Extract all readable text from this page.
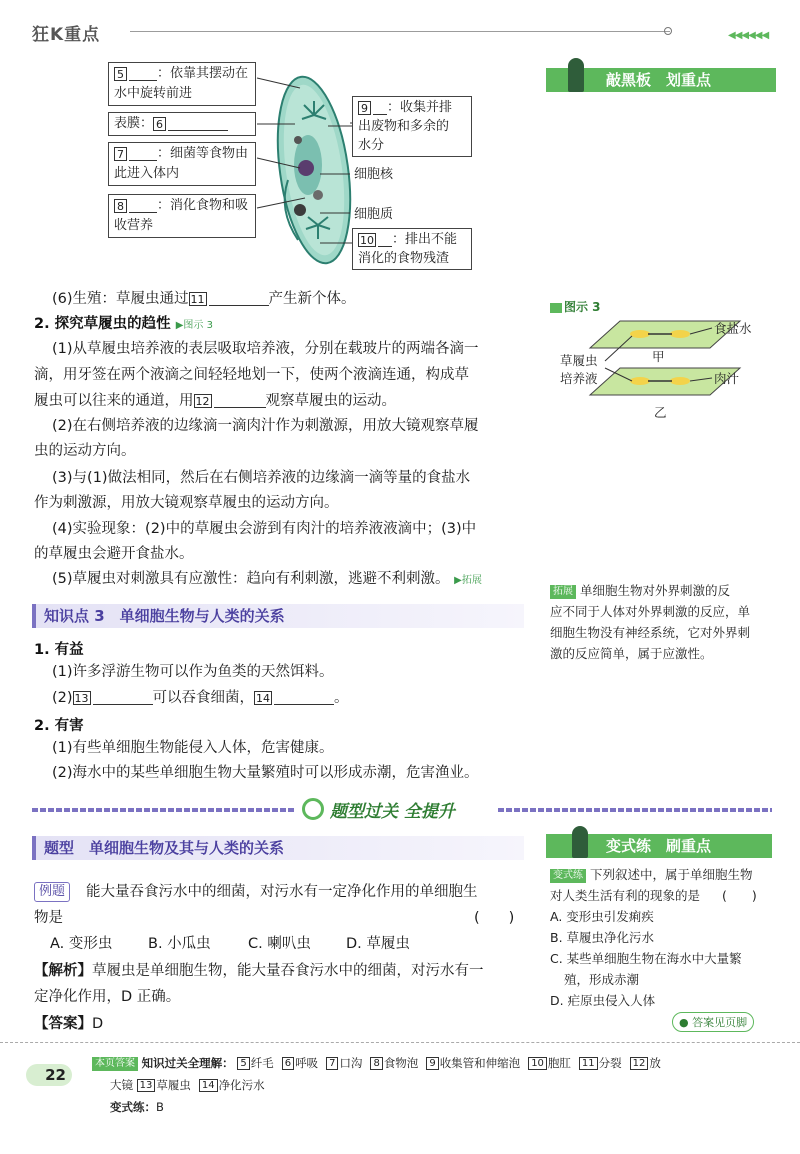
狂K重点	◀◀◀◀◀◀
5	：依靠其摆动在
水中旋转前进
表膜： 6
7	：细菌等食物由
此进入体内
8	：消化食物和吸
收营养
9 ：收集并排
出废物和多余的
水分
细胞核
细胞质
10 ：排出不能
消化的食物残渣
(6)生殖：草履虫通过 11	产生新个体。
2. 探究草履虫的趋性 ▶图示 3
(1)从草履虫培养液的表层吸取培养液，分别在载玻片的两端各滴一
滴，用牙签在两个液滴之间轻轻地划一下，使两个液滴连通，构成草
履虫可以往来的通道，用 12	观察草履虫的运动。
(2)在右侧培养液的边缘滴一滴肉汁作为刺激源，用放大镜观察草履
虫的运动方向。
(3)与(1)做法相同，然后在右侧培养液的边缘滴一滴等量的食盐水
作为刺激源，用放大镜观察草履虫的运动方向。
(4)实验现象：(2)中的草履虫会游到有肉汁的培养液液滴中；(3)中
的草履虫会避开食盐水。
(5)草履虫对刺激具有应激性：趋向有利刺激，逃避不利刺激。 ▶拓展
知识点 3　单细胞生物与人类的关系
1. 有益
(1)许多浮游生物可以作为鱼类的天然饵料。
(2) 13	可以吞食细菌， 14	。
2. 有害
(1)有些单细胞生物能侵入人体，危害健康。
(2)海水中的某些单细胞生物大量繁殖时可以形成赤潮，危害渔业。
题型过关 全提升
题型　单细胞生物及其与人类的关系
例题	能大量吞食污水中的细菌，对污水有一定净化作用的单细胞生
物是	(　　)
A. 变形虫 B. 小瓜虫	C. 喇叭虫 D. 草履虫
【解析】草履虫是单细胞生物，能大量吞食污水中的细菌，对污水有一
定净化作用，D 正确。
【答案】D
敲黑板　划重点
图示 3
食盐水
甲
草履虫
培养液	肉汁
乙
拓展 单细胞生物对外界刺激的反
应不同于人体对外界刺激的反应，单
细胞生物没有神经系统，它对外界刺
激的反应简单，属于应激性。
变式练　刷重点
变式练 下列叙述中，属于单细胞生物
对人类生活有利的现象的是 (　　)
A. 变形虫引发痢疾
B. 草履虫净化污水
C. 某些单细胞生物在海水中大量繁
殖，形成赤潮
D. 疟原虫侵入人体
● 答案见页脚
22
本页答案 知识过关全理解： 5 纤毛 6 呼吸 7 口沟 8 食物泡 9 收集管和伸缩泡 10 胞肛 11 分裂 12 放
大镜 13 草履虫 14 净化污水
变式练：B
